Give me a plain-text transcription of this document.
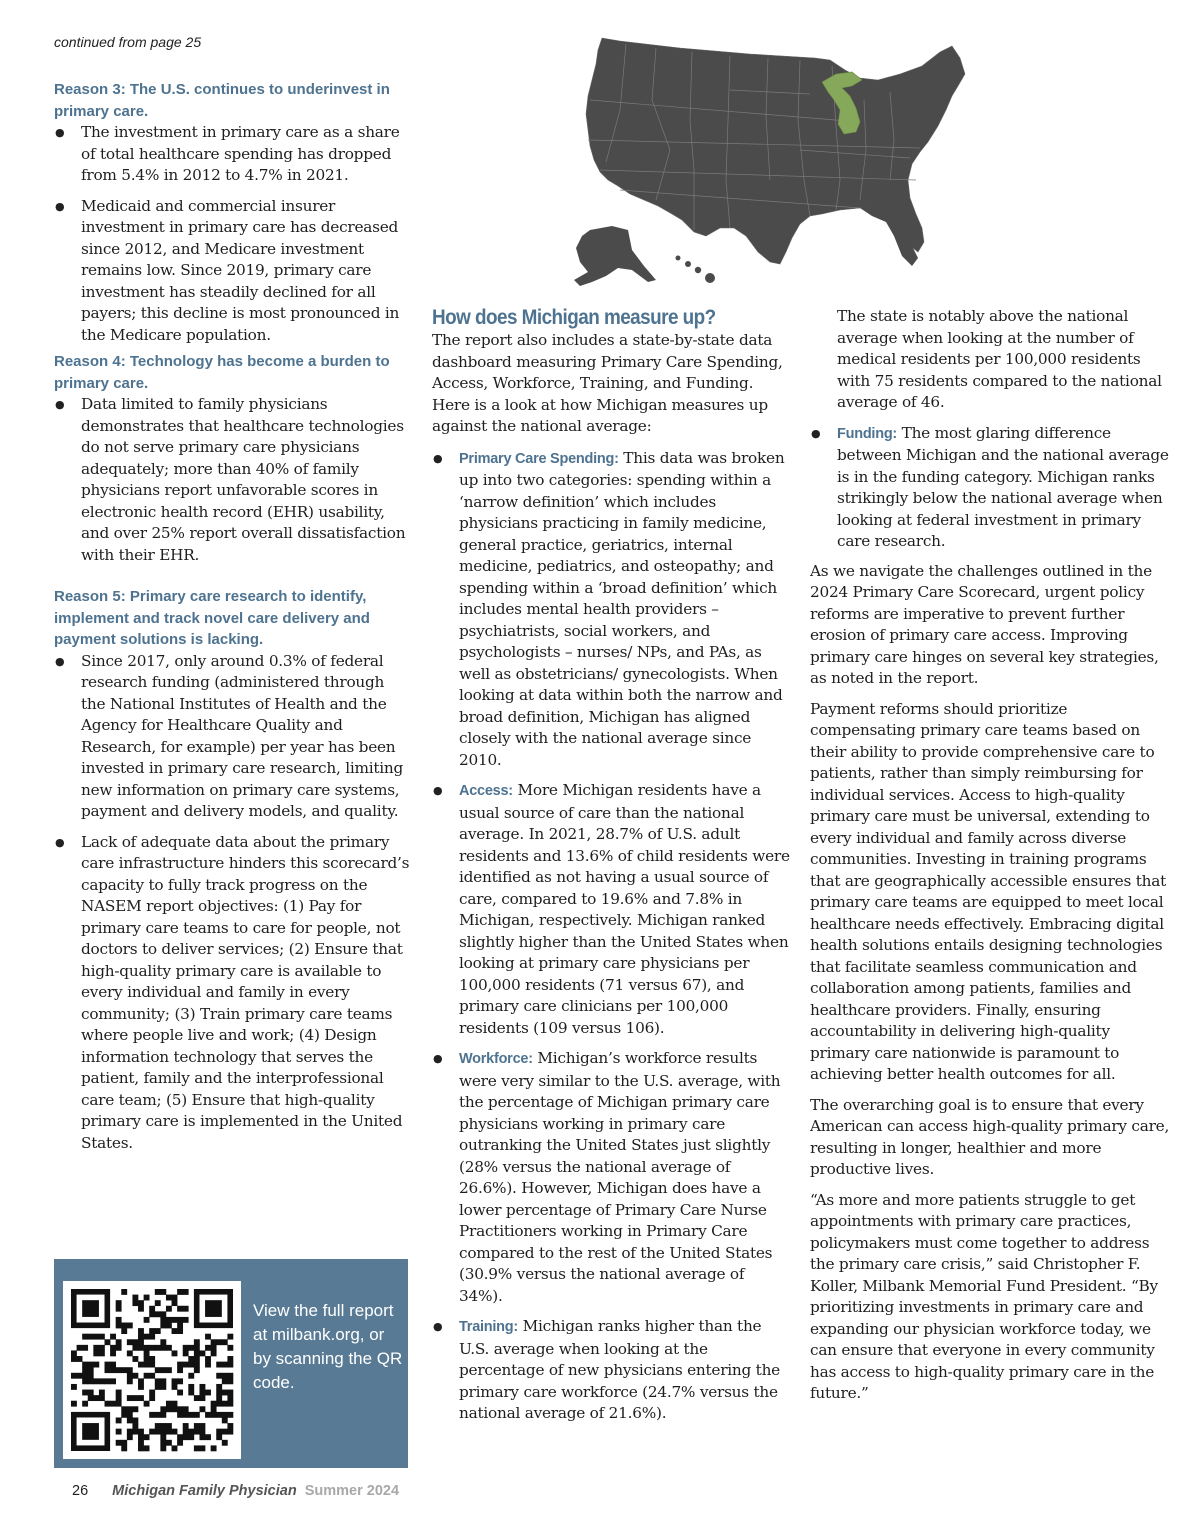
continued from page 25
Reason 3: The U.S. continues to underinvest in primary care.
● The investment in primary care as a share of total healthcare spending has dropped from 5.4% in 2012 to 4.7% in 2021.
● Medicaid and commercial insurer investment in primary care has decreased since 2012, and Medicare investment remains low. Since 2019, primary care investment has steadily declined for all payers; this decline is most pronounced in the Medicare population.
Reason 4: Technology has become a burden to primary care.
● Data limited to family physicians demonstrates that healthcare technologies do not serve primary care physicians adequately; more than 40% of family physicians report unfavorable scores in electronic health record (EHR) usability, and over 25% report overall dissatisfaction with their EHR.
Reason 5: Primary care research to identify, implement and track novel care delivery and payment solutions is lacking.
● Since 2017, only around 0.3% of federal research funding (administered through the National Institutes of Health and the Agency for Healthcare Quality and Research, for example) per year has been invested in primary care research, limiting new information on primary care systems, payment and delivery models, and quality.
● Lack of adequate data about the primary care infrastructure hinders this scorecard’s capacity to fully track progress on the NASEM report objectives: (1) Pay for primary care teams to care for people, not doctors to deliver services; (2) Ensure that high-quality primary care is available to every individual and family in every community; (3) Train primary care teams where people live and work; (4) Design information technology that serves the patient, family and the interprofessional care team; (5) Ensure that high-quality primary care is implemented in the United States.
View the full report at milbank.org, or by scanning the QR code.
How does Michigan measure up?
The report also includes a state-by-state data dashboard measuring Primary Care Spending, Access, Workforce, Training, and Funding. Here is a look at how Michigan measures up against the national average:
● Primary Care Spending: This data was broken up into two categories: spending within a ‘narrow definition’ which includes physicians practicing in family medicine, general practice, geriatrics, internal medicine, pediatrics, and osteopathy; and spending within a ‘broad definition’ which includes mental health providers – psychiatrists, social workers, and psychologists – nurses/ NPs, and PAs, as well as obstetricians/ gynecologists. When looking at data within both the narrow and broad definition, Michigan has aligned closely with the national average since 2010.
● Access: More Michigan residents have a usual source of care than the national average. In 2021, 28.7% of U.S. adult residents and 13.6% of child residents were identified as not having a usual source of care, compared to 19.6% and 7.8% in Michigan, respectively. Michigan ranked slightly higher than the United States when looking at primary care physicians per 100,000 residents (71 versus 67), and primary care clinicians per 100,000 residents (109 versus 106).
● Workforce: Michigan’s workforce results were very similar to the U.S. average, with the percentage of Michigan primary care physicians working in primary care outranking the United States just slightly (28% versus the national average of 26.6%). However, Michigan does have a lower percentage of Primary Care Nurse Practitioners working in Primary Care compared to the rest of the United States (30.9% versus the national average of 34%).
● Training: Michigan ranks higher than the U.S. average when looking at the percentage of new physicians entering the primary care workforce (24.7% versus the national average of 21.6%).
The state is notably above the national average when looking at the number of medical residents per 100,000 residents with 75 residents compared to the national average of 46.
● Funding: The most glaring difference between Michigan and the national average is in the funding category. Michigan ranks strikingly below the national average when looking at federal investment in primary care research.
As we navigate the challenges outlined in the 2024 Primary Care Scorecard, urgent policy reforms are imperative to prevent further erosion of primary care access. Improving primary care hinges on several key strategies, as noted in the report.
Payment reforms should prioritize compensating primary care teams based on their ability to provide comprehensive care to patients, rather than simply reimbursing for individual services. Access to high-quality primary care must be universal, extending to every individual and family across diverse communities. Investing in training programs that are geographically accessible ensures that primary care teams are equipped to meet local healthcare needs effectively. Embracing digital health solutions entails designing technologies that facilitate seamless communication and collaboration among patients, families and healthcare providers. Finally, ensuring accountability in delivering high-quality primary care nationwide is paramount to achieving better health outcomes for all.
The overarching goal is to ensure that every American can access high-quality primary care, resulting in longer, healthier and more productive lives.
“As more and more patients struggle to get appointments with primary care practices, policymakers must come together to address the primary care crisis,” said Christopher F. Koller, Milbank Memorial Fund President. “By prioritizing investments in primary care and expanding our physician workforce today, we can ensure that everyone in every community has access to high-quality primary care in the future.”
26 Michigan Family Physician Summer 2024
